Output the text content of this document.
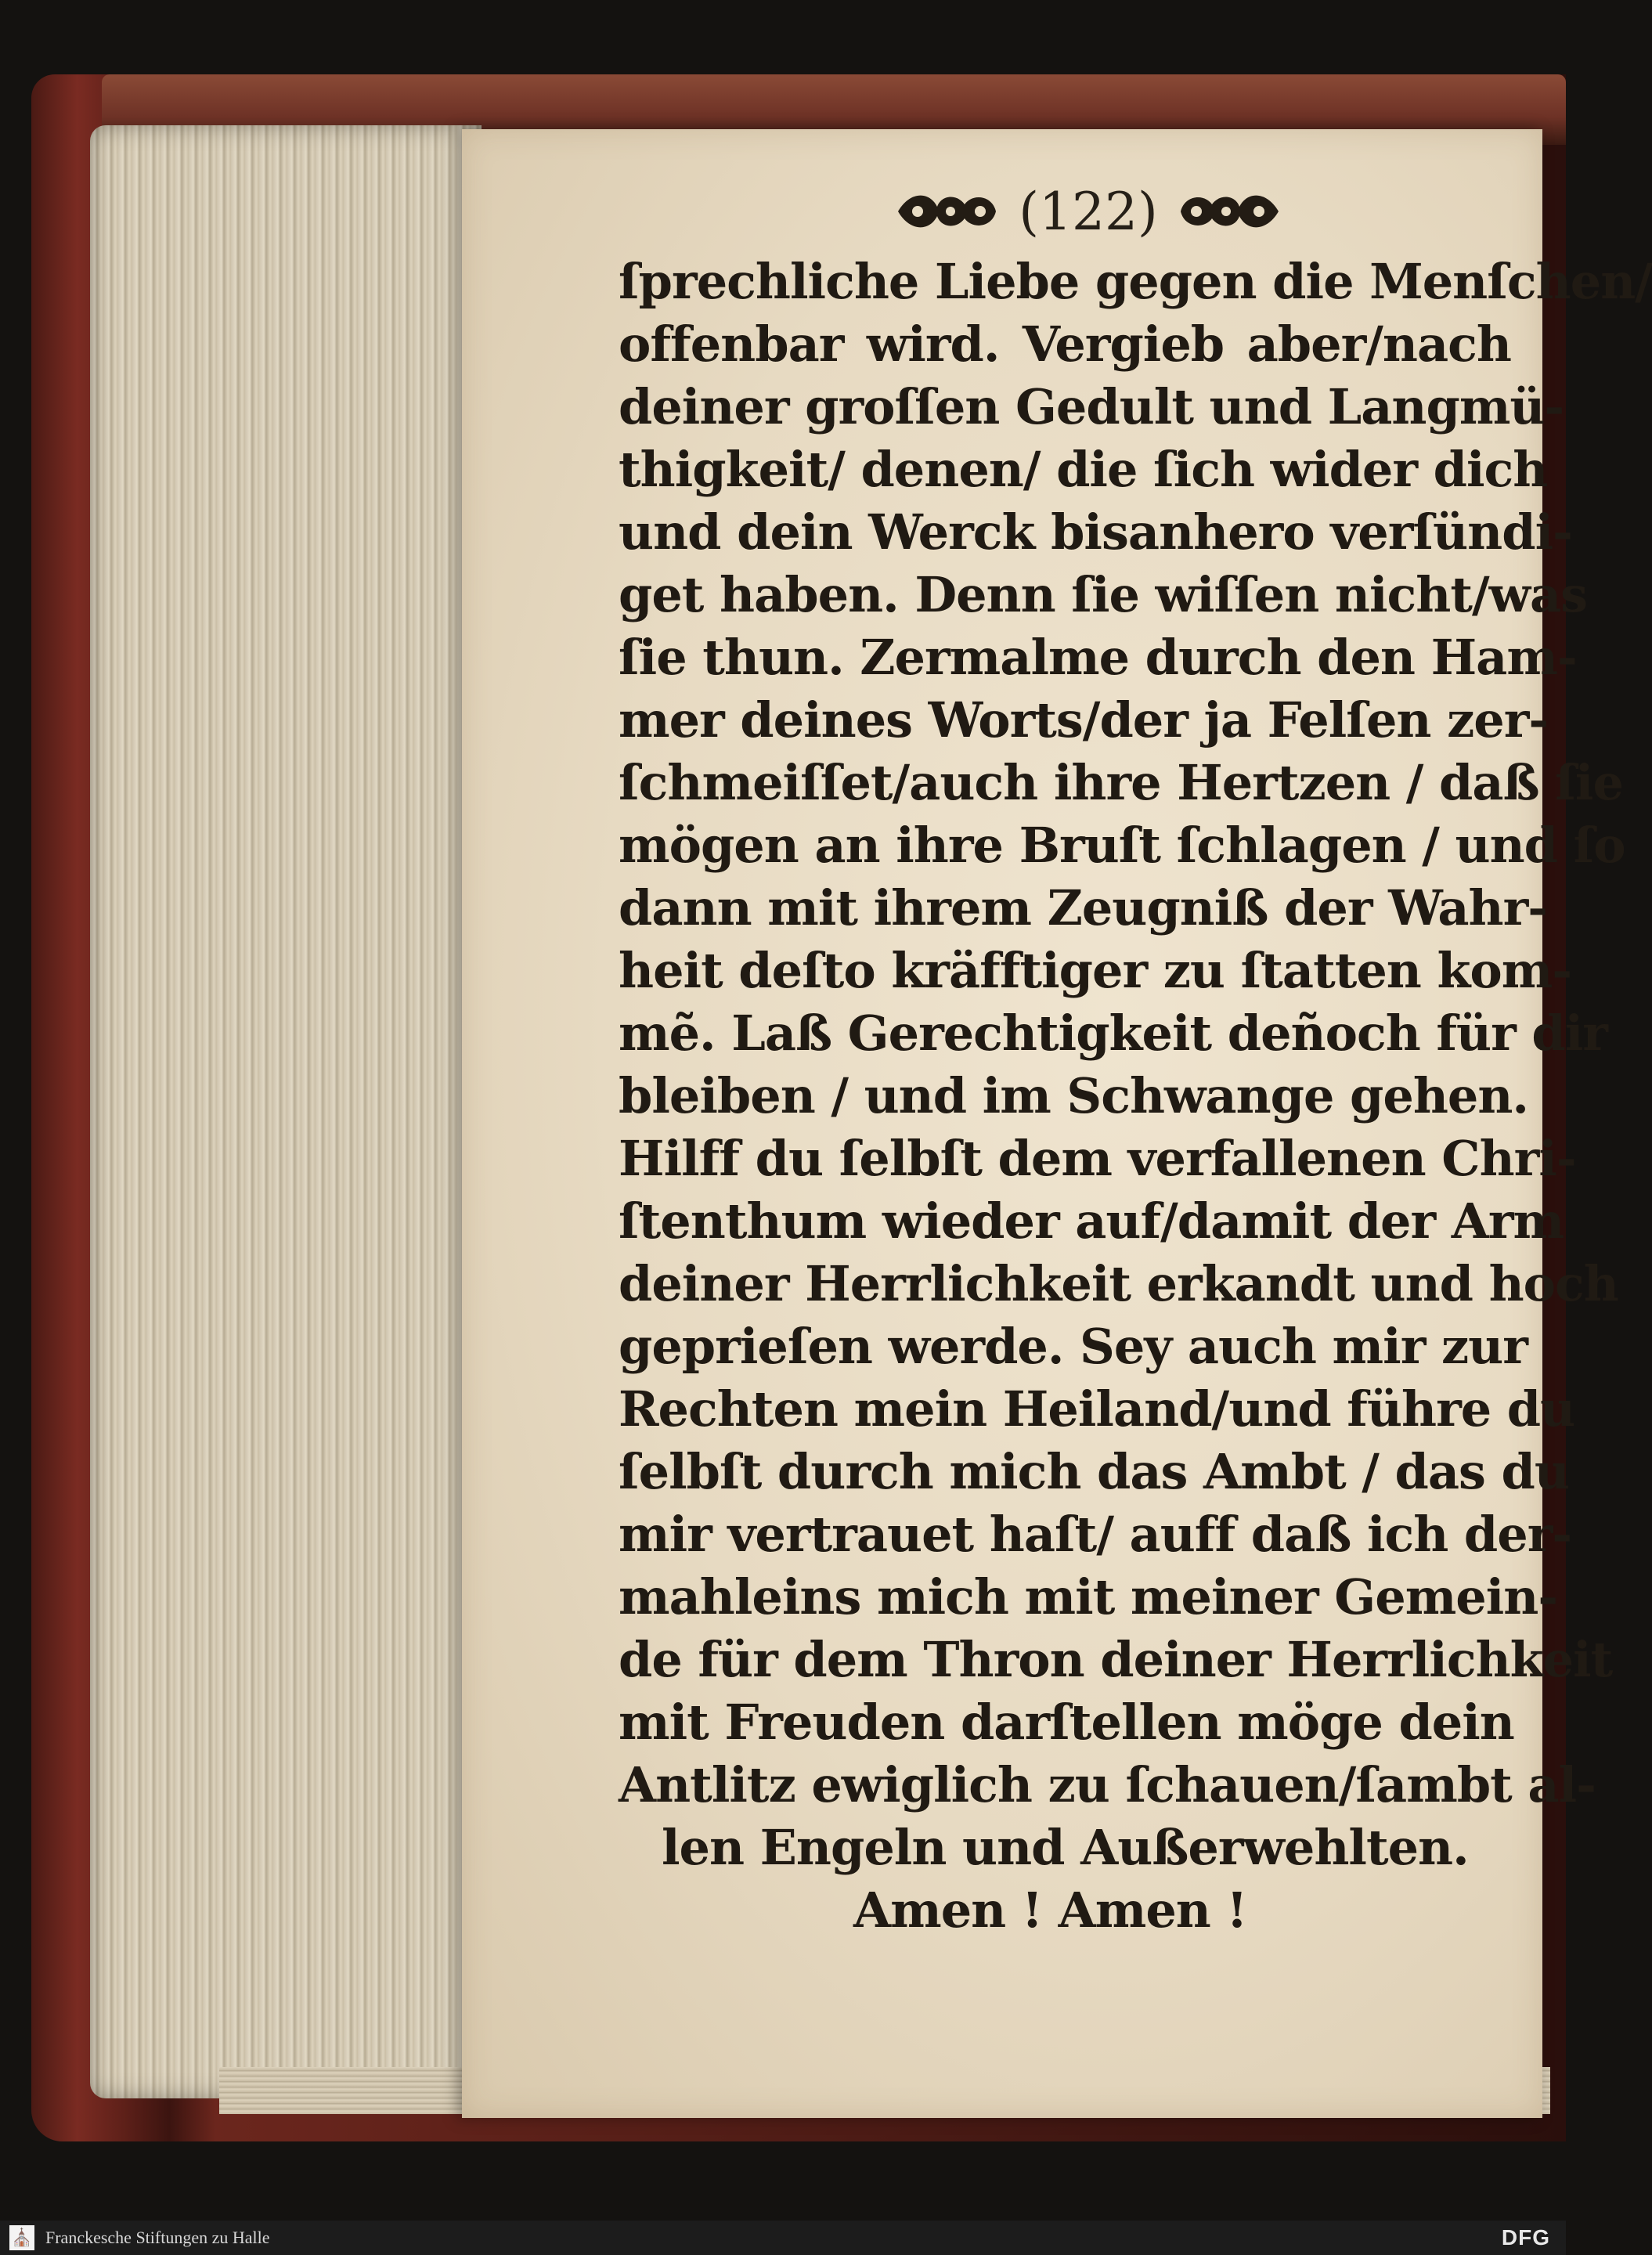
(122)
ſprechliche Liebe gegen die Menſchen/
offenbar wird. Vergieb aber/nach
deiner groſſen Gedult und Langmü-
thigkeit/ denen/ die ſich wider dich
und dein Werck bisanhero verſündi-
get haben. Denn ſie wiſſen nicht/was
ſie thun. Zermalme durch den Ham-
mer deines Worts/der ja Felſen zer-
ſchmeiſſet/auch ihre Hertzen / daß ſie
mögen an ihre Bruſt ſchlagen / und ſo
dann mit ihrem Zeugniß der Wahr-
heit deſto kräfftiger zu ſtatten kom-
mẽ. Laß Gerechtigkeit deñoch für dir
bleiben / und im Schwange gehen.
Hilff du ſelbſt dem verfallenen Chri-
ſtenthum wieder auf/damit der Arm
deiner Herrlichkeit erkandt und hoch
geprieſen werde. Sey auch mir zur
Rechten mein Heiland/und führe du
ſelbſt durch mich das Ambt / das du
mir vertrauet haſt/ auff daß ich der-
mahleins mich mit meiner Gemein-
de für dem Thron deiner Herrlichkeit
mit Freuden darſtellen möge dein
Antlitz ewiglich zu ſchauen/ſambt al-
len Engeln und Außerwehlten.
Amen ! Amen !
⛪ Franckesche Stiftungen zu Halle	DFG
